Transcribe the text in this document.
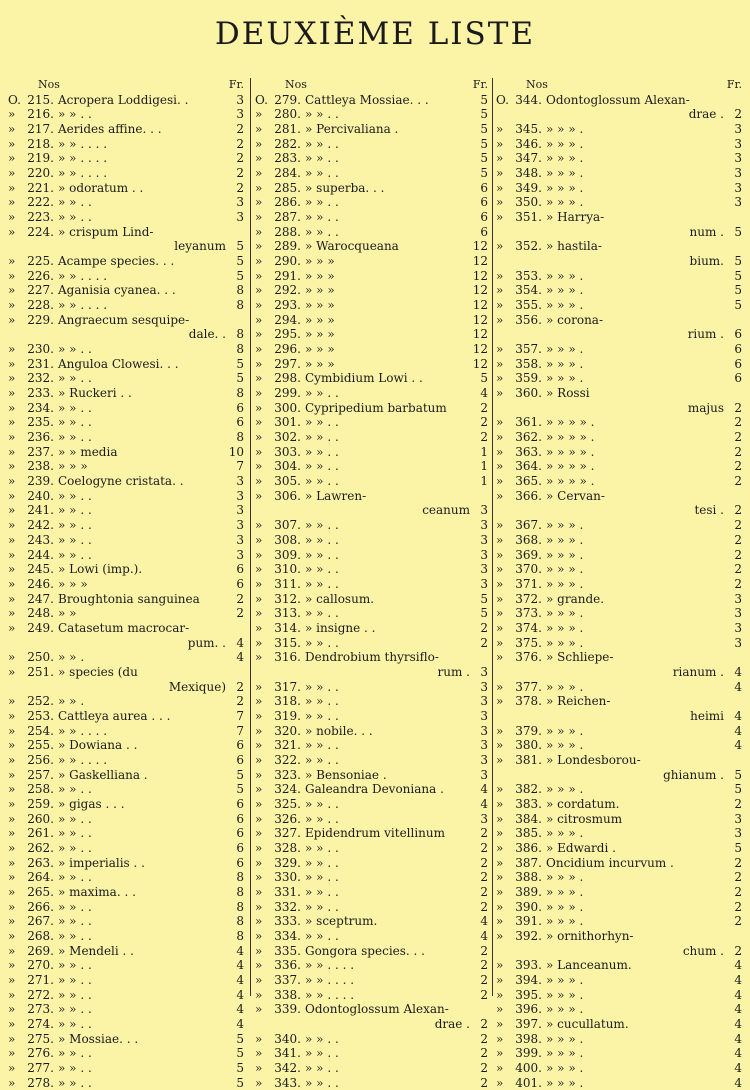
DEUXIÈME LISTE
Nos	Fr.
O. 215. Acropera Loddigesi. .	3
» 216. » » . .	3
» 217. Aerides affine. . .	2
» 218. » » . . . .	2
» 219. » » . . . .	2
» 220. » » . . . .	2
» 221. » odoratum . .	2
» 222. » » . .	3
» 223. » » . .	3
» 224. » crispum Lind-
leyanum 5
» 225. Acampe species. . .	5
» 226. » » . . . .	5
» 227. Aganisia cyanea. . .	8
» 228. » » . . . .	8
» 229. Angraecum sesquipe-
dale. . 8
» 230. » » . .	8
» 231. Anguloa Clowesi. . .	5
» 232. » » . .	5
» 233. » Ruckeri . .	8
» 234. » » . .	6
» 235. » » . .	6
» 236. » » . .	8
» 237. » » media	10
» 238. » » »	7
» 239. Coelogyne cristata. .	3
» 240. » » . .	3
» 241. » » . .	3
» 242. » » . .	3
» 243. » » . .	3
» 244. » » . .	3
» 245. » Lowi (imp.).	6
» 246. » » »	6
» 247. Broughtonia sanguinea	2
» 248. » »	2
» 249. Catasetum macrocar-
pum. . 4
» 250. » » .	4
» 251. » species (du
Mexique) 2
» 252. » » .	2
» 253. Cattleya aurea . . .	7
» 254. » » . . . .	7
» 255. » Dowiana . .	6
» 256. » » . . . .	6
» 257. » Gaskelliana .	5
» 258. » » . .	5
» 259. » gigas . . .	6
» 260. » » . .	6
» 261. » » . .	6
» 262. » » . .	6
» 263. » imperialis . .	6
» 264. » » . .	8
» 265. » maxima. . .	8
» 266. » » . .	8
» 267. » » . .	8
» 268. » » . .	8
» 269. » Mendeli . .	4
» 270. » » . .	4
» 271. » » . .	4
» 272. » » . .	4
» 273. » » . .	4
» 274. » » . .	4
» 275. » Mossiae. . .	5
» 276. » » . .	5
» 277. » » . .	5
» 278. » » . .	5
Nos	Fr.
O. 279. Cattleya Mossiae. . .	5
» 280. » » . .	5
» 281. » Percivaliana .	5
» 282. » » . .	5
» 283. » » . .	5
» 284. » » . .	5
» 285. » superba. . .	6
» 286. » » . .	6
» 287. » » . .	6
» 288. » » . .	6
» 289. » Warocqueana	12
» 290. » » »	12
» 291. » » »	12
» 292. » » »	12
» 293. » » »	12
» 294. » » »	12
» 295. » » »	12
» 296. » » »	12
» 297. » » »	12
» 298. Cymbidium Lowi . .	5
» 299. » » . .	4
» 300. Cypripedium barbatum	2
» 301. » » . .	2
» 302. » » . .	2
» 303. » » . .	1
» 304. » » . .	1
» 305. » » . .	1
» 306. » Lawren-
ceanum 3
» 307. » » . .	3
» 308. » » . .	3
» 309. » » . .	3
» 310. » » . .	3
» 311. » » . .	3
» 312. » callosum.	5
» 313. » » . .	5
» 314. » insigne . .	2
» 315. » » . .	2
» 316. Dendrobium thyrsiflo-
rum . 3
» 317. » » . .	3
» 318. » » . .	3
» 319. » » . .	3
» 320. » nobile. . .	3
» 321. » » . .	3
» 322. » » . .	3
» 323. » Bensoniae .	3
» 324. Galeandra Devoniana .	4
» 325. » » . .	4
» 326. » » . .	3
» 327. Epidendrum vitellinum	2
» 328. » » . .	2
» 329. » » . .	2
» 330. » » . .	2
» 331. » » . .	2
» 332. » » . .	2
» 333. » sceptrum.	4
» 334. » » . .	4
» 335. Gongora species. . .	2
» 336. » » . . . .	2
» 337. » » . . . .	2
» 338. » » . . . .	2
» 339. Odontoglossum Alexan-
drae . 2
» 340. » » . .	2
» 341. » » . .	2
» 342. » » . .	2
» 343. » » . .	2
Nos	Fr.
O. 344. Odontoglossum Alexan-
drae . 2
» 345. » » » .	3
» 346. » » » .	3
» 347. » » » .	3
» 348. » » » .	3
» 349. » » » .	3
» 350. » » » .	3
» 351. » Harrya-
num . 5
» 352. » hastila-
bium. 5
» 353. » » » .	5
» 354. » » » .	5
» 355. » » » .	5
» 356. » corona-
rium . 6
» 357. » » » .	6
» 358. » » » .	6
» 359. » » » .	6
» 360. » Rossi
majus 2
» 361. » » » » .	2
» 362. » » » » .	2
» 363. » » » » .	2
» 364. » » » » .	2
» 365. » » » » .	2
» 366. » Cervan-
tesi . 2
» 367. » » » .	2
» 368. » » » .	2
» 369. » » » .	2
» 370. » » » .	2
» 371. » » » .	2
» 372. » grande.	3
» 373. » » » .	3
» 374. » » » .	3
» 375. » » » .	3
» 376. » Schliepe-
rianum . 4
» 377. » » » .	4
» 378. » Reichen-
heimi 4
» 379. » » » .	4
» 380. » » » .	4
» 381. » Londesborou-
ghianum . 5
» 382. » » » .	5
» 383. » cordatum.	2
» 384. » citrosmum	3
» 385. » » » .	3
» 386. » Edwardi .	5
» 387. Oncidium incurvum .	2
» 388. » » » .	2
» 389. » » » .	2
» 390. » » » .	2
» 391. » » » .	2
» 392. » ornithorhyn-
chum . 2
» 393. » Lanceanum.	4
» 394. » » » .	4
» 395. » » » .	4
» 396. » » » .	4
» 397. » cucullatum.	4
» 398. » » » .	4
» 399. » » » .	4
» 400. » » » .	4
» 401. » » » .	4
